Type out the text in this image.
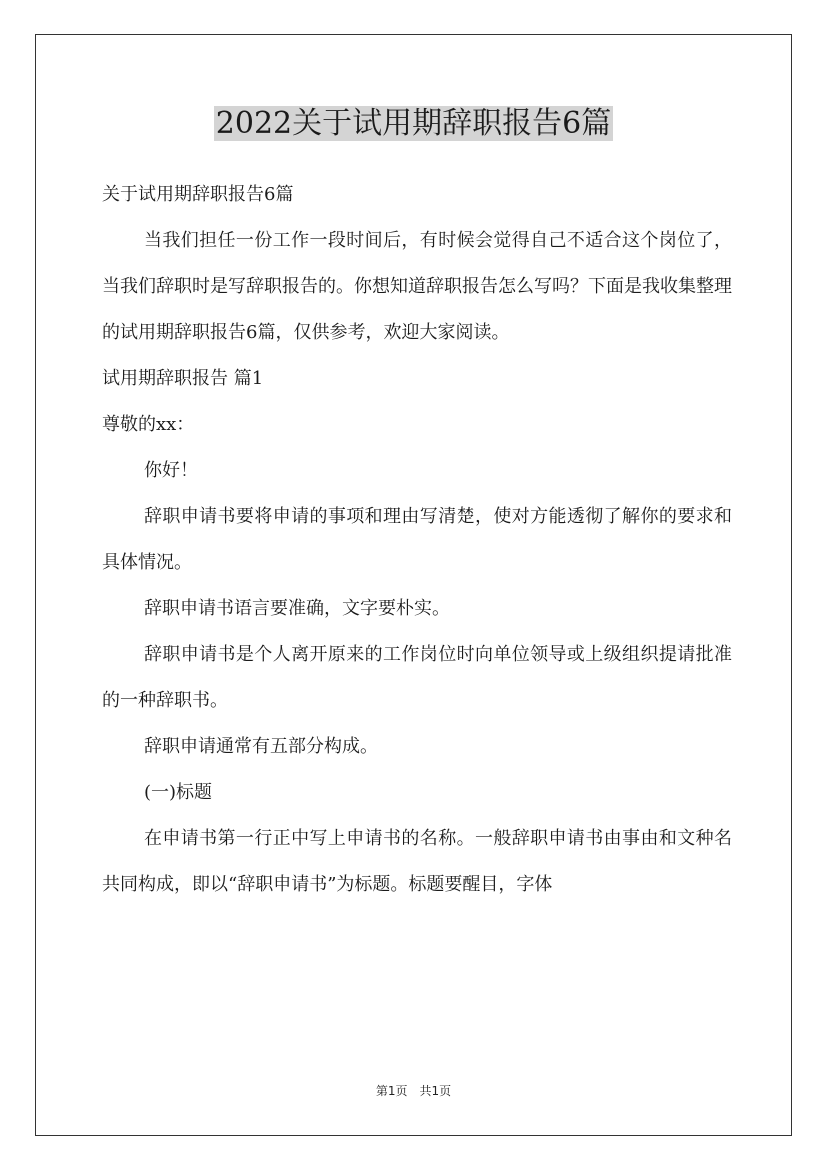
2022关于试用期辞职报告6篇

关于试用期辞职报告6篇

当我们担任一份工作一段时间后，有时候会觉得自己不适合这个岗位了，当我们辞职时是写辞职报告的。你想知道辞职报告怎么写吗？下面是我收集整理的试用期辞职报告6篇，仅供参考，欢迎大家阅读。

试用期辞职报告 篇1

尊敬的xx：

你好！

辞职申请书要将申请的事项和理由写清楚，使对方能透彻了解你的要求和具体情况。

辞职申请书语言要准确，文字要朴实。

辞职申请书是个人离开原来的工作岗位时向单位领导或上级组织提请批准的一种辞职书。

辞职申请通常有五部分构成。

(一)标题

在申请书第一行正中写上申请书的名称。一般辞职申请书由事由和文种名共同构成，即以“辞职申请书”为标题。标题要醒目，字体

第1页 共1页
